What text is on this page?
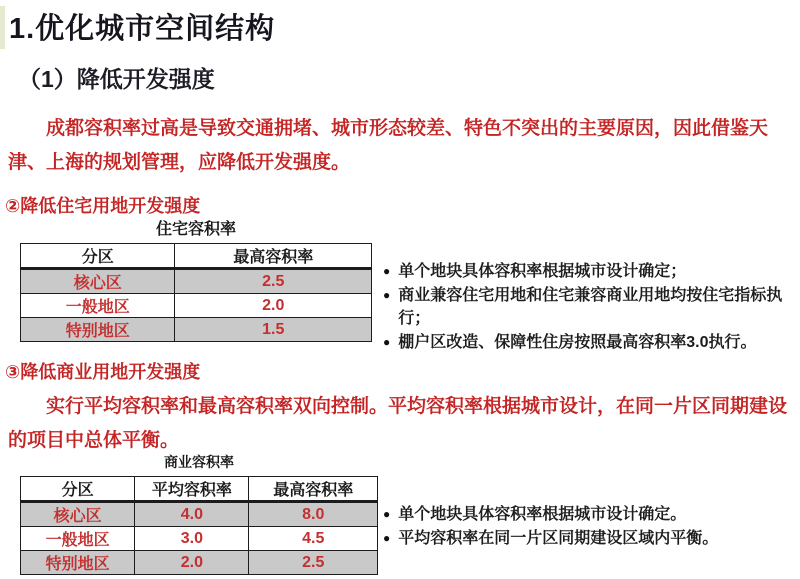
1.优化城市空间结构
（1）降低开发强度

成都容积率过高是导致交通拥堵、城市形态较差、特色不突出的主要原因，因此借鉴天津、上海的规划管理，应降低开发强度。

②降低住宅用地开发强度
住宅容积率
分区	最高容积率
核心区	2.5
一般地区	2.0
特别地区	1.5
● 单个地块具体容积率根据城市设计确定；
● 商业兼容住宅用地和住宅兼容商业用地均按住宅指标执行；
● 棚户区改造、保障性住房按照最高容积率3.0执行。
③降低商业用地开发强度

实行平均容积率和最高容积率双向控制。平均容积率根据城市设计，在同一片区同期建设的项目中总体平衡。

商业容积率
分区	平均容积率	最高容积率
核心区	4.0	8.0
一般地区	3.0	4.5
特别地区	2.0	2.5
● 单个地块具体容积率根据城市设计确定。
● 平均容积率在同一片区同期建设区域内平衡。
